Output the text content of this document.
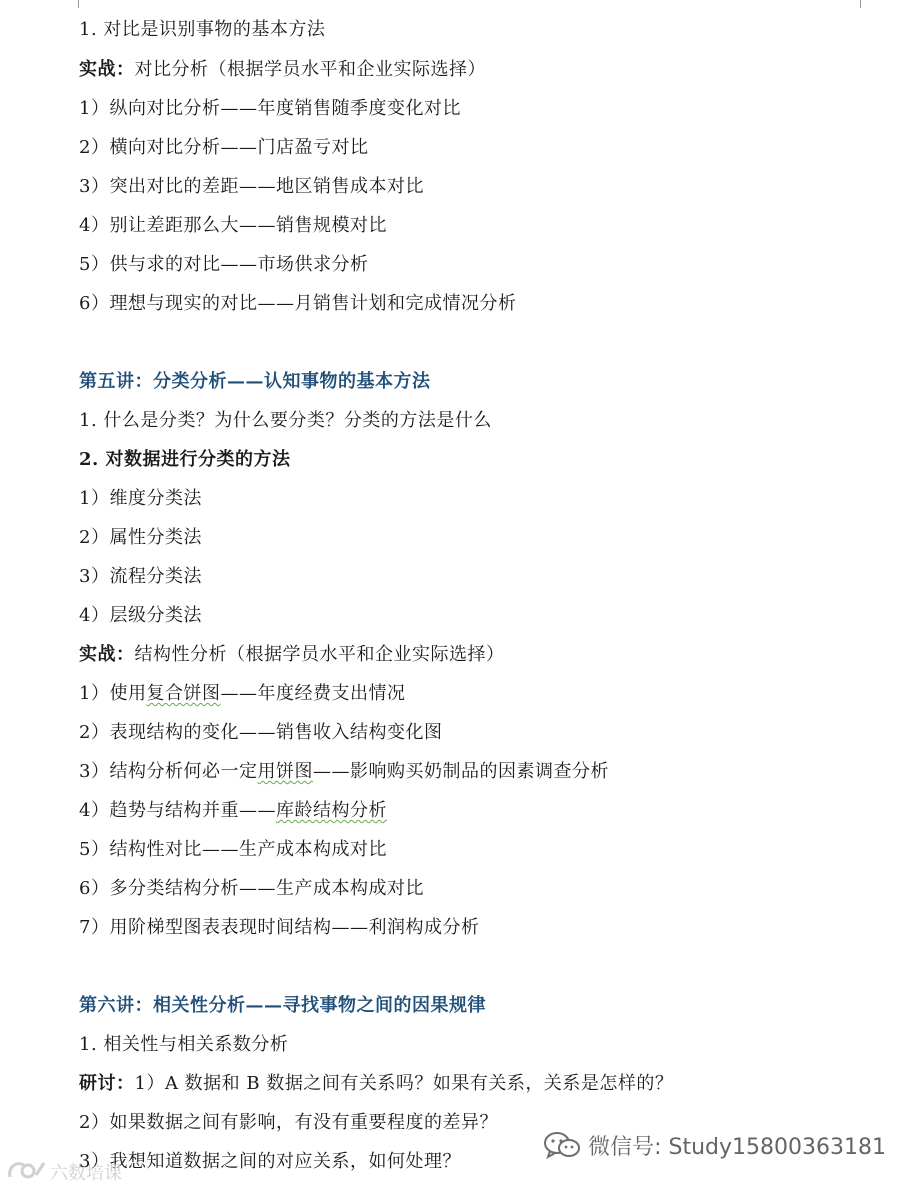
1. 对比是识别事物的基本方法
实战：对比分析（根据学员水平和企业实际选择）
1）纵向对比分析——年度销售随季度变化对比
2）横向对比分析——门店盈亏对比
3）突出对比的差距——地区销售成本对比
4）别让差距那么大——销售规模对比
5）供与求的对比——市场供求分析
6）理想与现实的对比——月销售计划和完成情况分析
第五讲：分类分析——认知事物的基本方法
1. 什么是分类？为什么要分类？分类的方法是什么
2. 对数据进行分类的方法
1）维度分类法
2）属性分类法
3）流程分类法
4）层级分类法
实战：结构性分析（根据学员水平和企业实际选择）
1）使用复合饼图——年度经费支出情况
2）表现结构的变化——销售收入结构变化图
3）结构分析何必一定用饼图——影响购买奶制品的因素调查分析
4）趋势与结构并重——库龄结构分析
5）结构性对比——生产成本构成对比
6）多分类结构分析——生产成本构成对比
7）用阶梯型图表表现时间结构——利润构成分析
第六讲：相关性分析——寻找事物之间的因果规律
1. 相关性与相关系数分析
研讨：1）A 数据和 B 数据之间有关系吗？如果有关系，关系是怎样的？
2）如果数据之间有影响，有没有重要程度的差异？
3）我想知道数据之间的对应关系，如何处理？
微信号: Study15800363181
六数培课
